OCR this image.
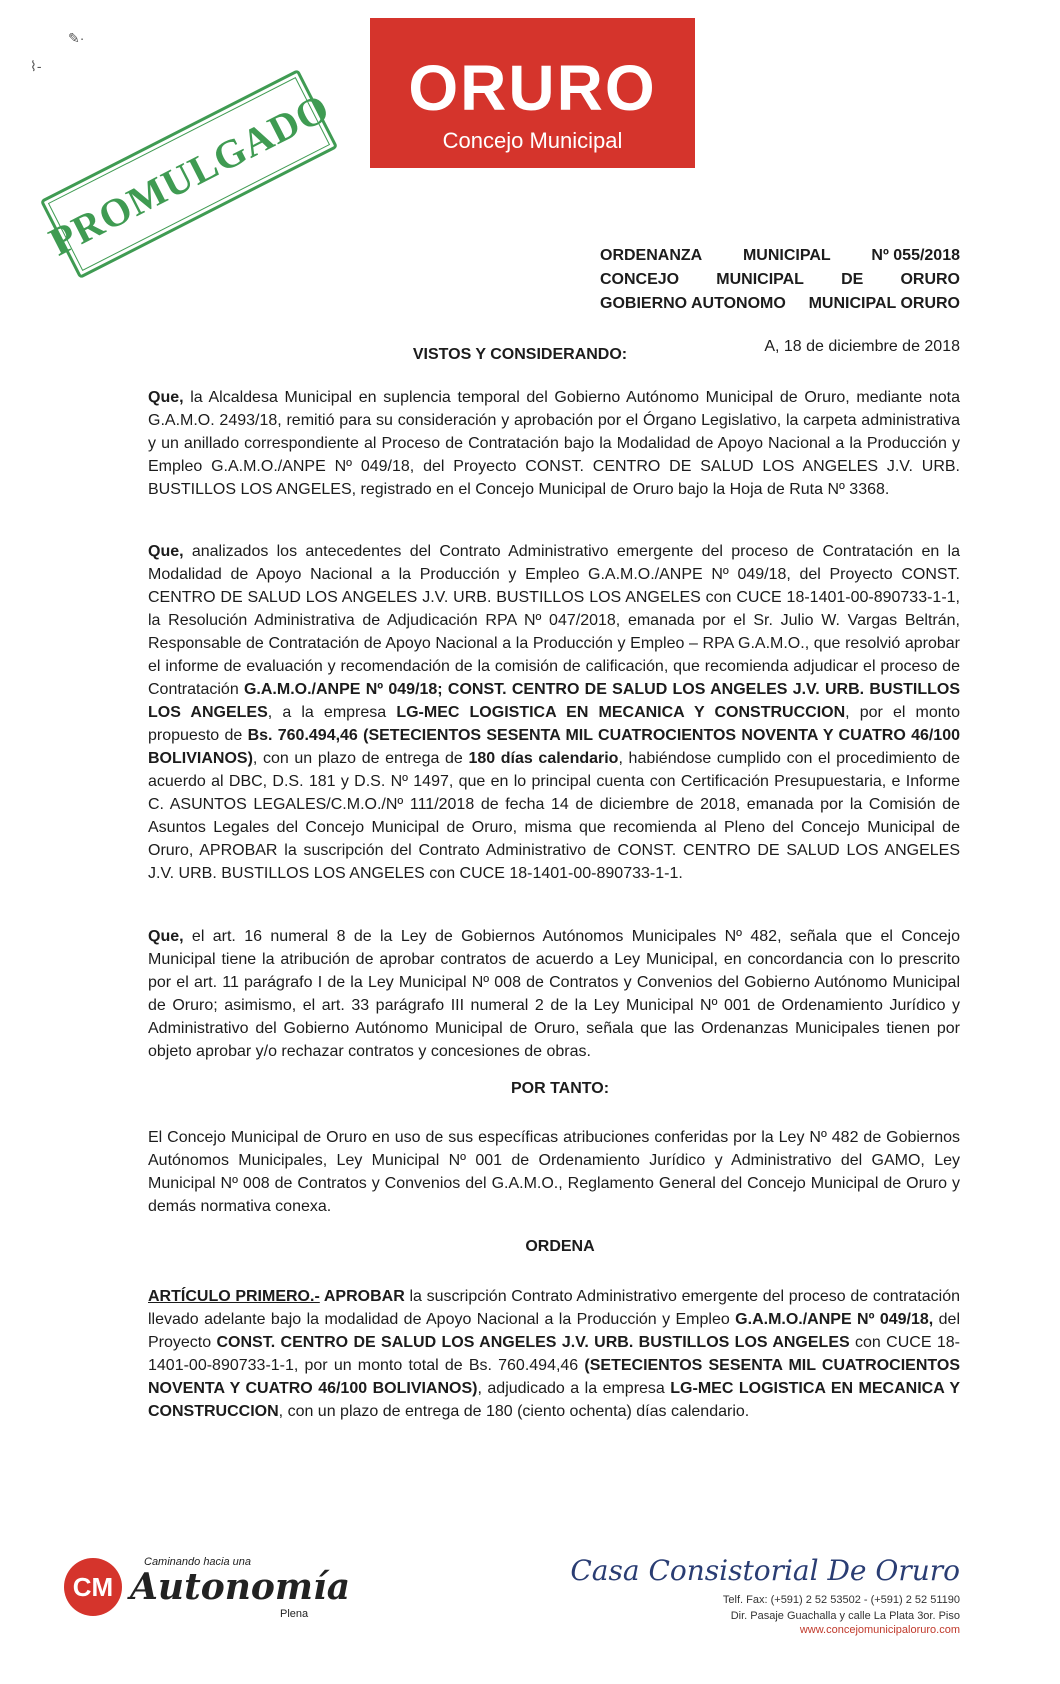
✎·
⌇-	ORURO
Concejo Municipal
PROMULGADO	ORDENANZA	MUNICIPAL	Nº 055/2018
CONCEJO MUNICIPAL DE ORURO
GOBIERNO AUTONOMO MUNICIPAL ORURO
A, 18 de diciembre de 2018
VISTOS Y CONSIDERANDO:
Que, la Alcaldesa Municipal en suplencia temporal del Gobierno Autónomo Municipal de Oruro, mediante nota G.A.M.O. 2493/18, remitió para su consideración y aprobación por el Órgano Legislativo, la carpeta administrativa y un anillado correspondiente al Proceso de Contratación bajo la Modalidad de Apoyo Nacional a la Producción y Empleo G.A.M.O./ANPE Nº 049/18, del Proyecto CONST. CENTRO DE SALUD LOS ANGELES J.V. URB. BUSTILLOS LOS ANGELES, registrado en el Concejo Municipal de Oruro bajo la Hoja de Ruta Nº 3368.
Que, analizados los antecedentes del Contrato Administrativo emergente del proceso de Contratación en la Modalidad de Apoyo Nacional a la Producción y Empleo G.A.M.O./ANPE Nº 049/18, del Proyecto CONST. CENTRO DE SALUD LOS ANGELES J.V. URB. BUSTILLOS LOS ANGELES con CUCE 18-1401-00-890733-1-1, la Resolución Administrativa de Adjudicación RPA Nº 047/2018, emanada por el Sr. Julio W. Vargas Beltrán, Responsable de Contratación de Apoyo Nacional a la Producción y Empleo – RPA G.A.M.O., que resolvió aprobar el informe de evaluación y recomendación de la comisión de calificación, que recomienda adjudicar el proceso de Contratación G.A.M.O./ANPE Nº 049/18; CONST. CENTRO DE SALUD LOS ANGELES J.V. URB. BUSTILLOS LOS ANGELES, a la empresa LG-MEC LOGISTICA EN MECANICA Y CONSTRUCCION, por el monto propuesto de Bs. 760.494,46 (SETECIENTOS SESENTA MIL CUATROCIENTOS NOVENTA Y CUATRO 46/100 BOLIVIANOS), con un plazo de entrega de 180 días calendario, habiéndose cumplido con el procedimiento de acuerdo al DBC, D.S. 181 y D.S. Nº 1497, que en lo principal cuenta con Certificación Presupuestaria, e Informe C. ASUNTOS LEGALES/C.M.O./Nº 111/2018 de fecha 14 de diciembre de 2018, emanada por la Comisión de Asuntos Legales del Concejo Municipal de Oruro, misma que recomienda al Pleno del Concejo Municipal de Oruro, APROBAR la suscripción del Contrato Administrativo de CONST. CENTRO DE SALUD LOS ANGELES J.V. URB. BUSTILLOS LOS ANGELES con CUCE 18-1401-00-890733-1-1.
Que, el art. 16 numeral 8 de la Ley de Gobiernos Autónomos Municipales Nº 482, señala que el Concejo Municipal tiene la atribución de aprobar contratos de acuerdo a Ley Municipal, en concordancia con lo prescrito por el art. 11 parágrafo I de la Ley Municipal Nº 008 de Contratos y Convenios del Gobierno Autónomo Municipal de Oruro; asimismo, el art. 33 parágrafo III numeral 2 de la Ley Municipal Nº 001 de Ordenamiento Jurídico y Administrativo del Gobierno Autónomo Municipal de Oruro, señala que las Ordenanzas Municipales tienen por objeto aprobar y/o rechazar contratos y concesiones de obras.
POR TANTO:
El Concejo Municipal de Oruro en uso de sus específicas atribuciones conferidas por la Ley Nº 482 de Gobiernos Autónomos Municipales, Ley Municipal Nº 001 de Ordenamiento Jurídico y Administrativo del GAMO, Ley Municipal Nº 008 de Contratos y Convenios del G.A.M.O., Reglamento General del Concejo Municipal de Oruro y demás normativa conexa.
ORDENA
ARTÍCULO PRIMERO.- APROBAR la suscripción Contrato Administrativo emergente del proceso de contratación llevado adelante bajo la modalidad de Apoyo Nacional a la Producción y Empleo G.A.M.O./ANPE Nº 049/18, del Proyecto CONST. CENTRO DE SALUD LOS ANGELES J.V. URB. BUSTILLOS LOS ANGELES con CUCE 18-1401-00-890733-1-1, por un monto total de Bs. 760.494,46 (SETECIENTOS SESENTA MIL CUATROCIENTOS NOVENTA Y CUATRO 46/100 BOLIVIANOS), adjudicado a la empresa LG-MEC LOGISTICA EN MECANICA Y CONSTRUCCION, con un plazo de entrega de 180 (ciento ochenta) días calendario.
CM
Caminando hacia una
Autonomía
Plena
Casa Consistorial De Oruro
Telf. Fax: (+591) 2 52 53502 - (+591) 2 52 51190
Dir. Pasaje Guachalla y calle La Plata 3or. Piso
www.concejomunicipaloruro.com
